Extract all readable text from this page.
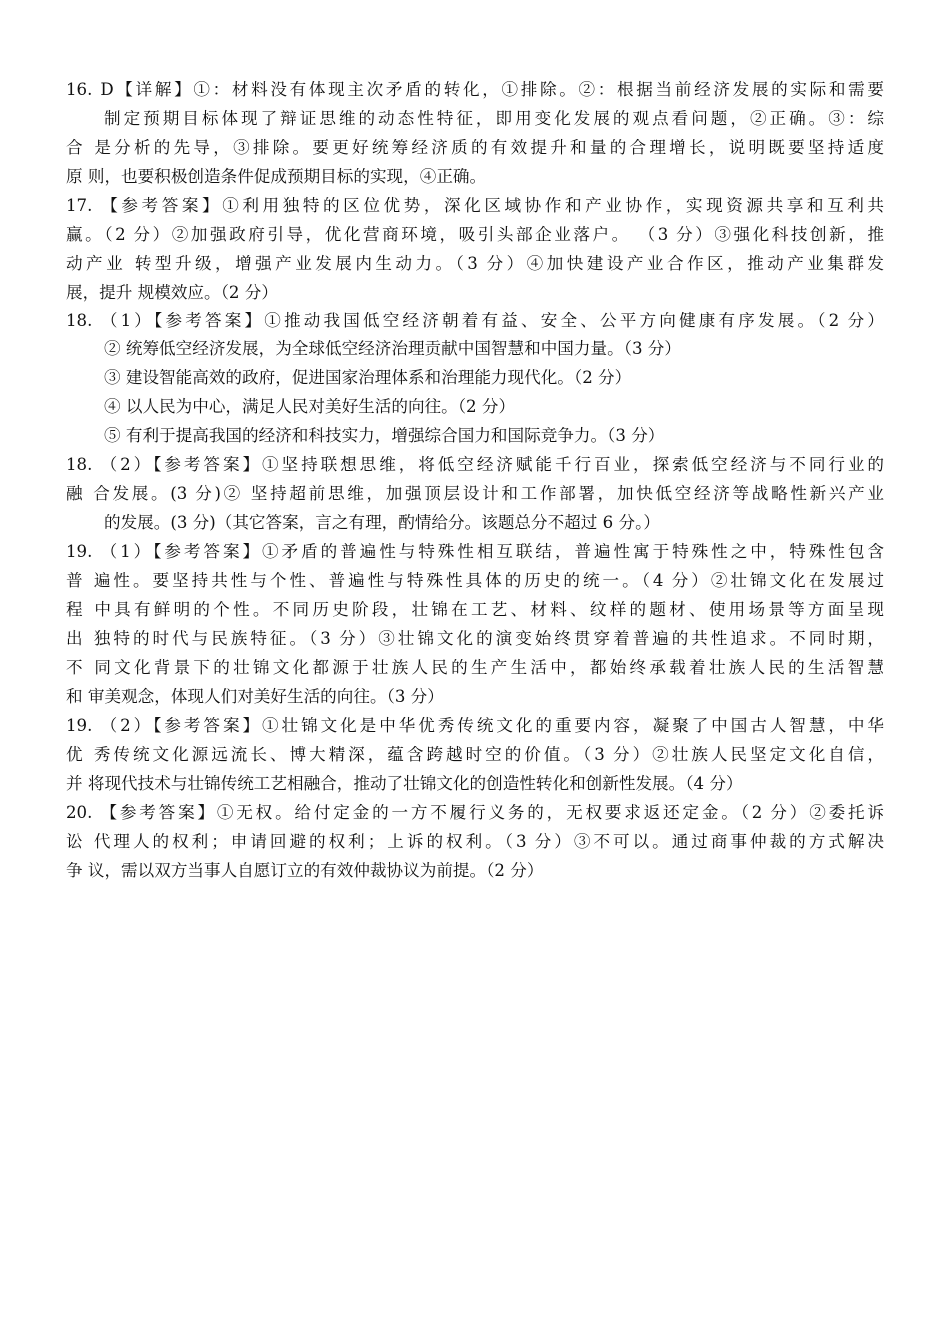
16. D【详解】①：材料没有体现主次矛盾的转化，①排除。②：根据当前经济发展的实际和需要
制定预期目标体现了辩证思维的动态性特征，即用变化发展的观点看问题，②正确。③：综
合 是分析的先导，③排除。要更好统筹经济质的有效提升和量的合理增长，说明既要坚持适度
原 则，也要积极创造条件促成预期目标的实现，④正确。
17. 【参考答案】①利用独特的区位优势，深化区域协作和产业协作，实现资源共享和互利共
赢。（2 分）②加强政府引导，优化营商环境，吸引头部企业落户。 （3 分）③强化科技创新，推
动产业 转型升级，增强产业发展内生动力。（3 分）④加快建设产业合作区，推动产业集群发
展，提升 规模效应。（2 分）
18. （1）【参考答案】①推动我国低空经济朝着有益、安全、公平方向健康有序发展。（2 分）
② 统筹低空经济发展，为全球低空经济治理贡献中国智慧和中国力量。（3 分）
③ 建设智能高效的政府，促进国家治理体系和治理能力现代化。（2 分）
④ 以人民为中心，满足人民对美好生活的向往。（2 分）
⑤ 有利于提高我国的经济和科技实力，增强综合国力和国际竞争力。（3 分）
18. （2）【参考答案】①坚持联想思维，将低空经济赋能千行百业，探索低空经济与不同行业的
融 合发展。(3 分)② 坚持超前思维，加强顶层设计和工作部署，加快低空经济等战略性新兴产业
的发展。(3 分)（其它答案，言之有理，酌情给分。该题总分不超过 6 分。）
19. （1）【参考答案】①矛盾的普遍性与特殊性相互联结，普遍性寓于特殊性之中，特殊性包含
普 遍性。要坚持共性与个性、普遍性与特殊性具体的历史的统一。（4 分）②壮锦文化在发展过
程 中具有鲜明的个性。不同历史阶段，壮锦在工艺、材料、纹样的题材、使用场景等方面呈现
出 独特的时代与民族特征。（3 分）③壮锦文化的演变始终贯穿着普遍的共性追求。不同时期，
不 同文化背景下的壮锦文化都源于壮族人民的生产生活中，都始终承载着壮族人民的生活智慧
和 审美观念，体现人们对美好生活的向往。（3 分）
19. （2）【参考答案】①壮锦文化是中华优秀传统文化的重要内容，凝聚了中国古人智慧，中华
优 秀传统文化源远流长、博大精深，蕴含跨越时空的价值。（3 分）②壮族人民坚定文化自信，
并 将现代技术与壮锦传统工艺相融合，推动了壮锦文化的创造性转化和创新性发展。（4 分）
20. 【参考答案】①无权。给付定金的一方不履行义务的，无权要求返还定金。（2 分）②委托诉
讼 代理人的权利；申请回避的权利；上诉的权利。（3 分）③不可以。通过商事仲裁的方式解决
争 议，需以双方当事人自愿订立的有效仲裁协议为前提。（2 分）
